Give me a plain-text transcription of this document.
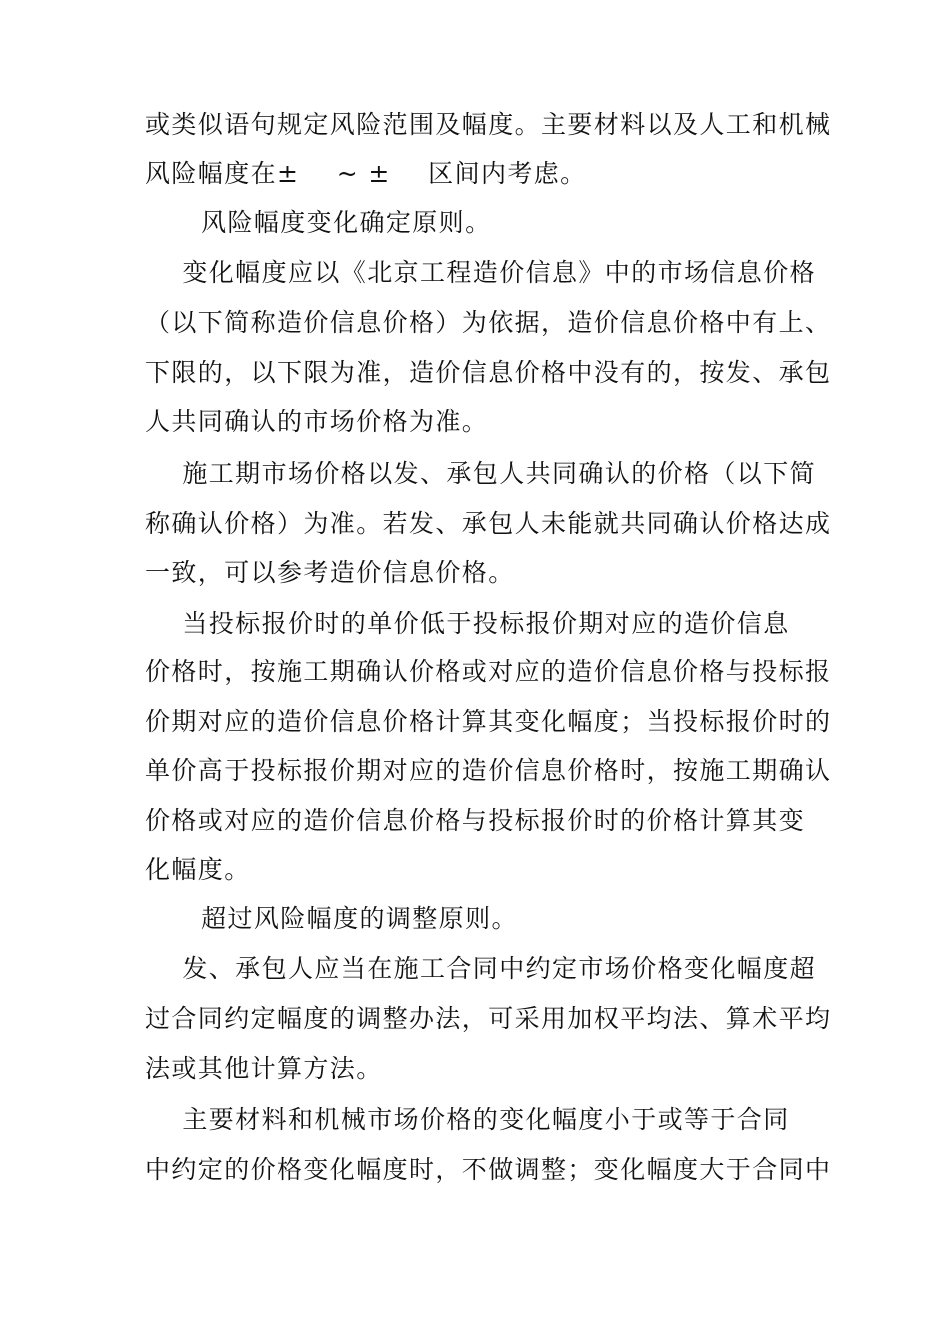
或类似语句规定风险范围及幅度。主要材料以及人工和机械
风险幅度在±    ~ ±    区间内考虑。
风险幅度变化确定原则。
变化幅度应以《北京工程造价信息》中的市场信息价格
（以下简称造价信息价格）为依据，造价信息价格中有上、
下限的，以下限为准，造价信息价格中没有的，按发、承包
人共同确认的市场价格为准。
施工期市场价格以发、承包人共同确认的价格（以下简
称确认价格）为准。若发、承包人未能就共同确认价格达成
一致，可以参考造价信息价格。
当投标报价时的单价低于投标报价期对应的造价信息
价格时，按施工期确认价格或对应的造价信息价格与投标报
价期对应的造价信息价格计算其变化幅度；当投标报价时的
单价高于投标报价期对应的造价信息价格时，按施工期确认
价格或对应的造价信息价格与投标报价时的价格计算其变
化幅度。
超过风险幅度的调整原则。
发、承包人应当在施工合同中约定市场价格变化幅度超
过合同约定幅度的调整办法，可采用加权平均法、算术平均
法或其他计算方法。
主要材料和机械市场价格的变化幅度小于或等于合同
中约定的价格变化幅度时，不做调整；变化幅度大于合同中
